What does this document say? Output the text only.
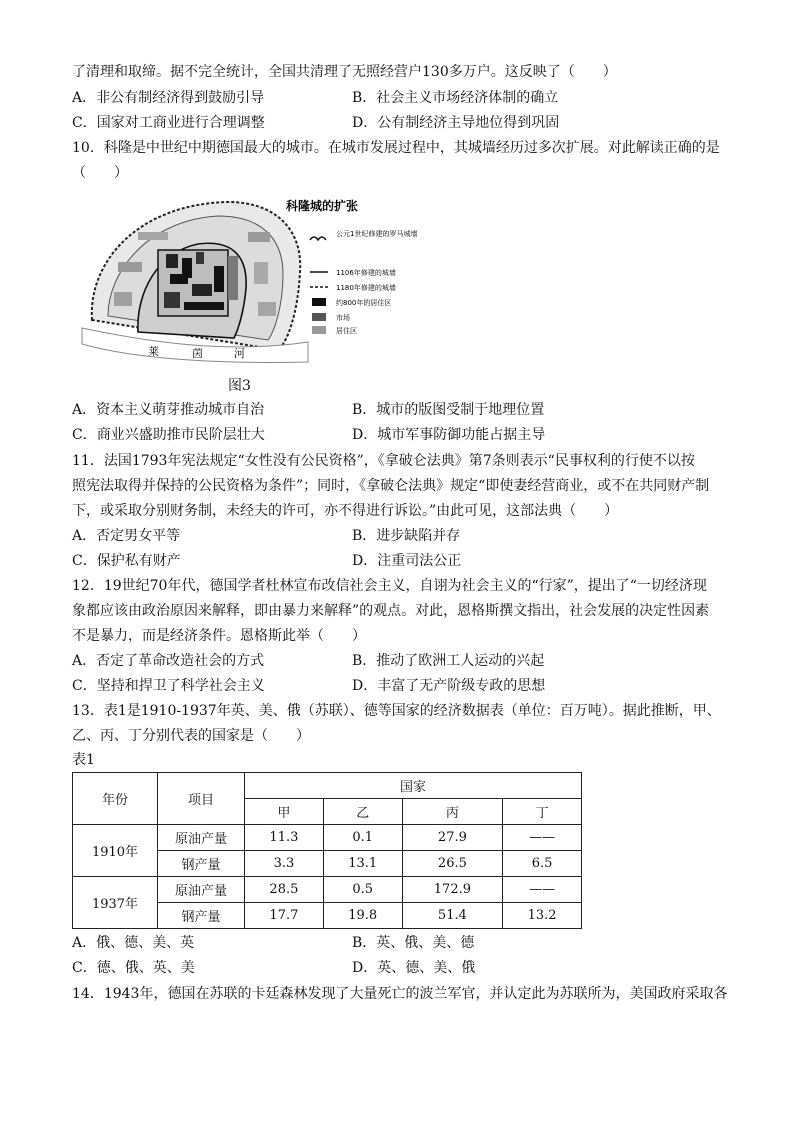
了清理和取缔。据不完全统计，全国共清理了无照经营户130多万户。这反映了（　　）
A．非公有制经济得到鼓励引导	B．社会主义市场经济体制的确立
C．国家对工商业进行合理调整	D．公有制经济主导地位得到巩固
10．科隆是中世纪中期德国最大的城市。在城市发展过程中，其城墙经历过多次扩展。对此解读正确的是
（　　）
莱	茵	河
科隆城的扩张
公元1世纪修建的罗马城墙
1106年修建的城墙
1180年修建的城墙
约800年的居住区
市场
居住区
图3
A．资本主义萌芽推动城市自治	B．城市的版图受制于地理位置
C．商业兴盛助推市民阶层壮大	D．城市军事防御功能占据主导
11．法国1793年宪法规定“女性没有公民资格”，《拿破仑法典》第7条则表示“民事权利的行使不以按
照宪法取得并保持的公民资格为条件”；同时，《拿破仑法典》规定“即使妻经营商业，或不在共同财产制
下，或采取分别财务制，未经夫的许可，亦不得进行诉讼。”由此可见，这部法典（　　）
A．否定男女平等	B．进步缺陷并存
C．保护私有财产	D．注重司法公正
12．19世纪70年代，德国学者杜林宣布改信社会主义，自诩为社会主义的“行家”，提出了“一切经济现
象都应该由政治原因来解释，即由暴力来解释”的观点。对此，恩格斯撰文指出，社会发展的决定性因素
不是暴力，而是经济条件。恩格斯此举（　　）
A．否定了革命改造社会的方式	B．推动了欧洲工人运动的兴起
C．坚持和捍卫了科学社会主义	D．丰富了无产阶级专政的思想
13．表1是1910-1937年英、美、俄（苏联）、德等国家的经济数据表（单位：百万吨）。据此推断，甲、
乙、丙、丁分别代表的国家是（　　）
表1
年份	项目	国家			
		甲	乙	丙	丁
1910年	原油产量	11.3	0.1	27.9	——
	钢产量	3.3	13.1	26.5	6.5
1937年	原油产量	28.5	0.5	172.9	——
	钢产量	17.7	19.8	51.4	13.2
A．俄、德、美、英	B．英、俄、美、德
C．德、俄、英、美	D．英、德、美、俄
14．1943年，德国在苏联的卡廷森林发现了大量死亡的波兰军官，并认定此为苏联所为，美国政府采取各
